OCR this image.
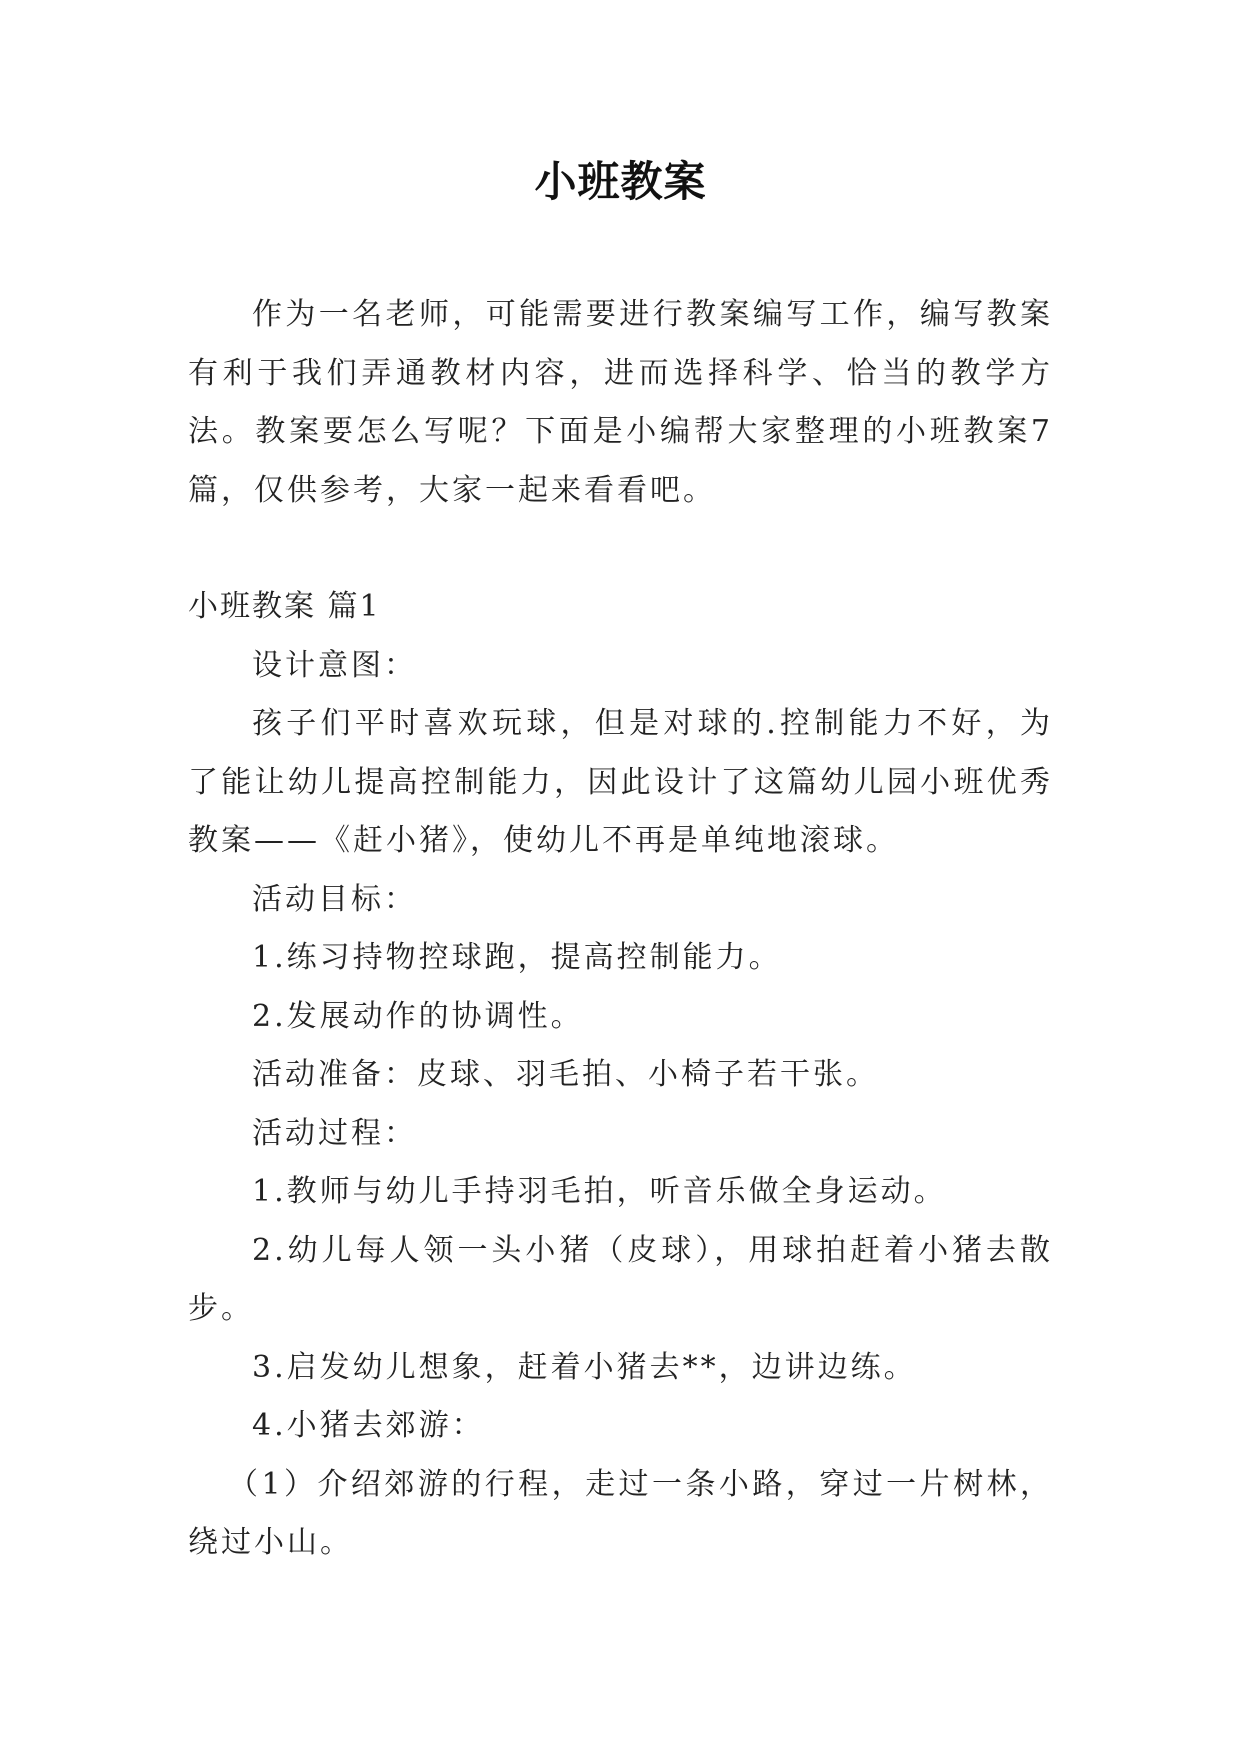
小班教案

作为一名老师，可能需要进行教案编写工作，编写教案有利于我们弄通教材内容，进而选择科学、恰当的教学方法。教案要怎么写呢？下面是小编帮大家整理的小班教案7篇，仅供参考，大家一起来看看吧。

小班教案 篇1

设计意图：

孩子们平时喜欢玩球，但是对球的.控制能力不好，为了能让幼儿提高控制能力，因此设计了这篇幼儿园小班优秀教案——《赶小猪》，使幼儿不再是单纯地滚球。

活动目标：

1.练习持物控球跑，提高控制能力。

2.发展动作的协调性。

活动准备：皮球、羽毛拍、小椅子若干张。

活动过程：

1.教师与幼儿手持羽毛拍，听音乐做全身运动。

2.幼儿每人领一头小猪（皮球），用球拍赶着小猪去散步。

3.启发幼儿想象，赶着小猪去**，边讲边练。

4.小猪去郊游：

（1）介绍郊游的行程，走过一条小路，穿过一片树林，绕过小山。
